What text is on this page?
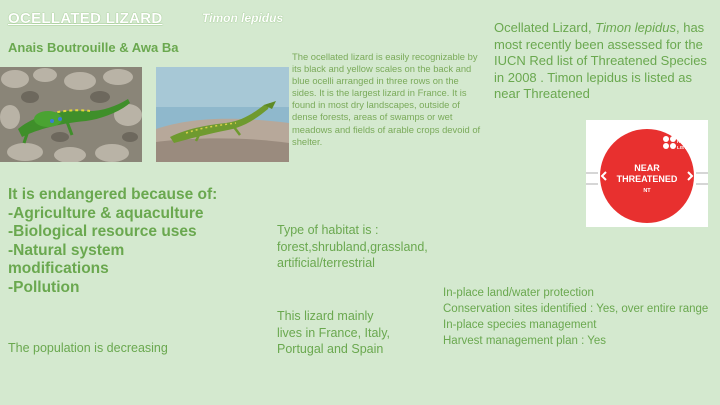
OCELLATED LIZARD	Timon lepidus
Anais Boutrouille & Awa Ba
The ocellated lizard is easily recognizable by its black and yellow scales on the back and blue ocelli arranged in three rows on the sides. It is the largest lizard in France. It is found in most dry landscapes, outside of dense forests, areas of swamps or wet meadows and fields of arable crops devoid of shelter.
Ocellated Lizard, Timon lepidus, has most recently been assessed for the IUCN Red list of Threatened Species in 2008 . Timon lepidus is listed as near Threatened
RED
LIST
NEAR
THREATENED
NT
It is endangered because of:
-Agriculture & aquaculture
-Biological resource uses
-Natural system
modifications
-Pollution
Type of habitat is :
forest,shrubland,grassland,
artificial/terrestrial
This lizard mainly
lives in France, Italy,
Portugal and Spain
The population is decreasing
In-place land/water protection
Conservation sites identified : Yes, over entire range
In-place species management
Harvest management plan : Yes
